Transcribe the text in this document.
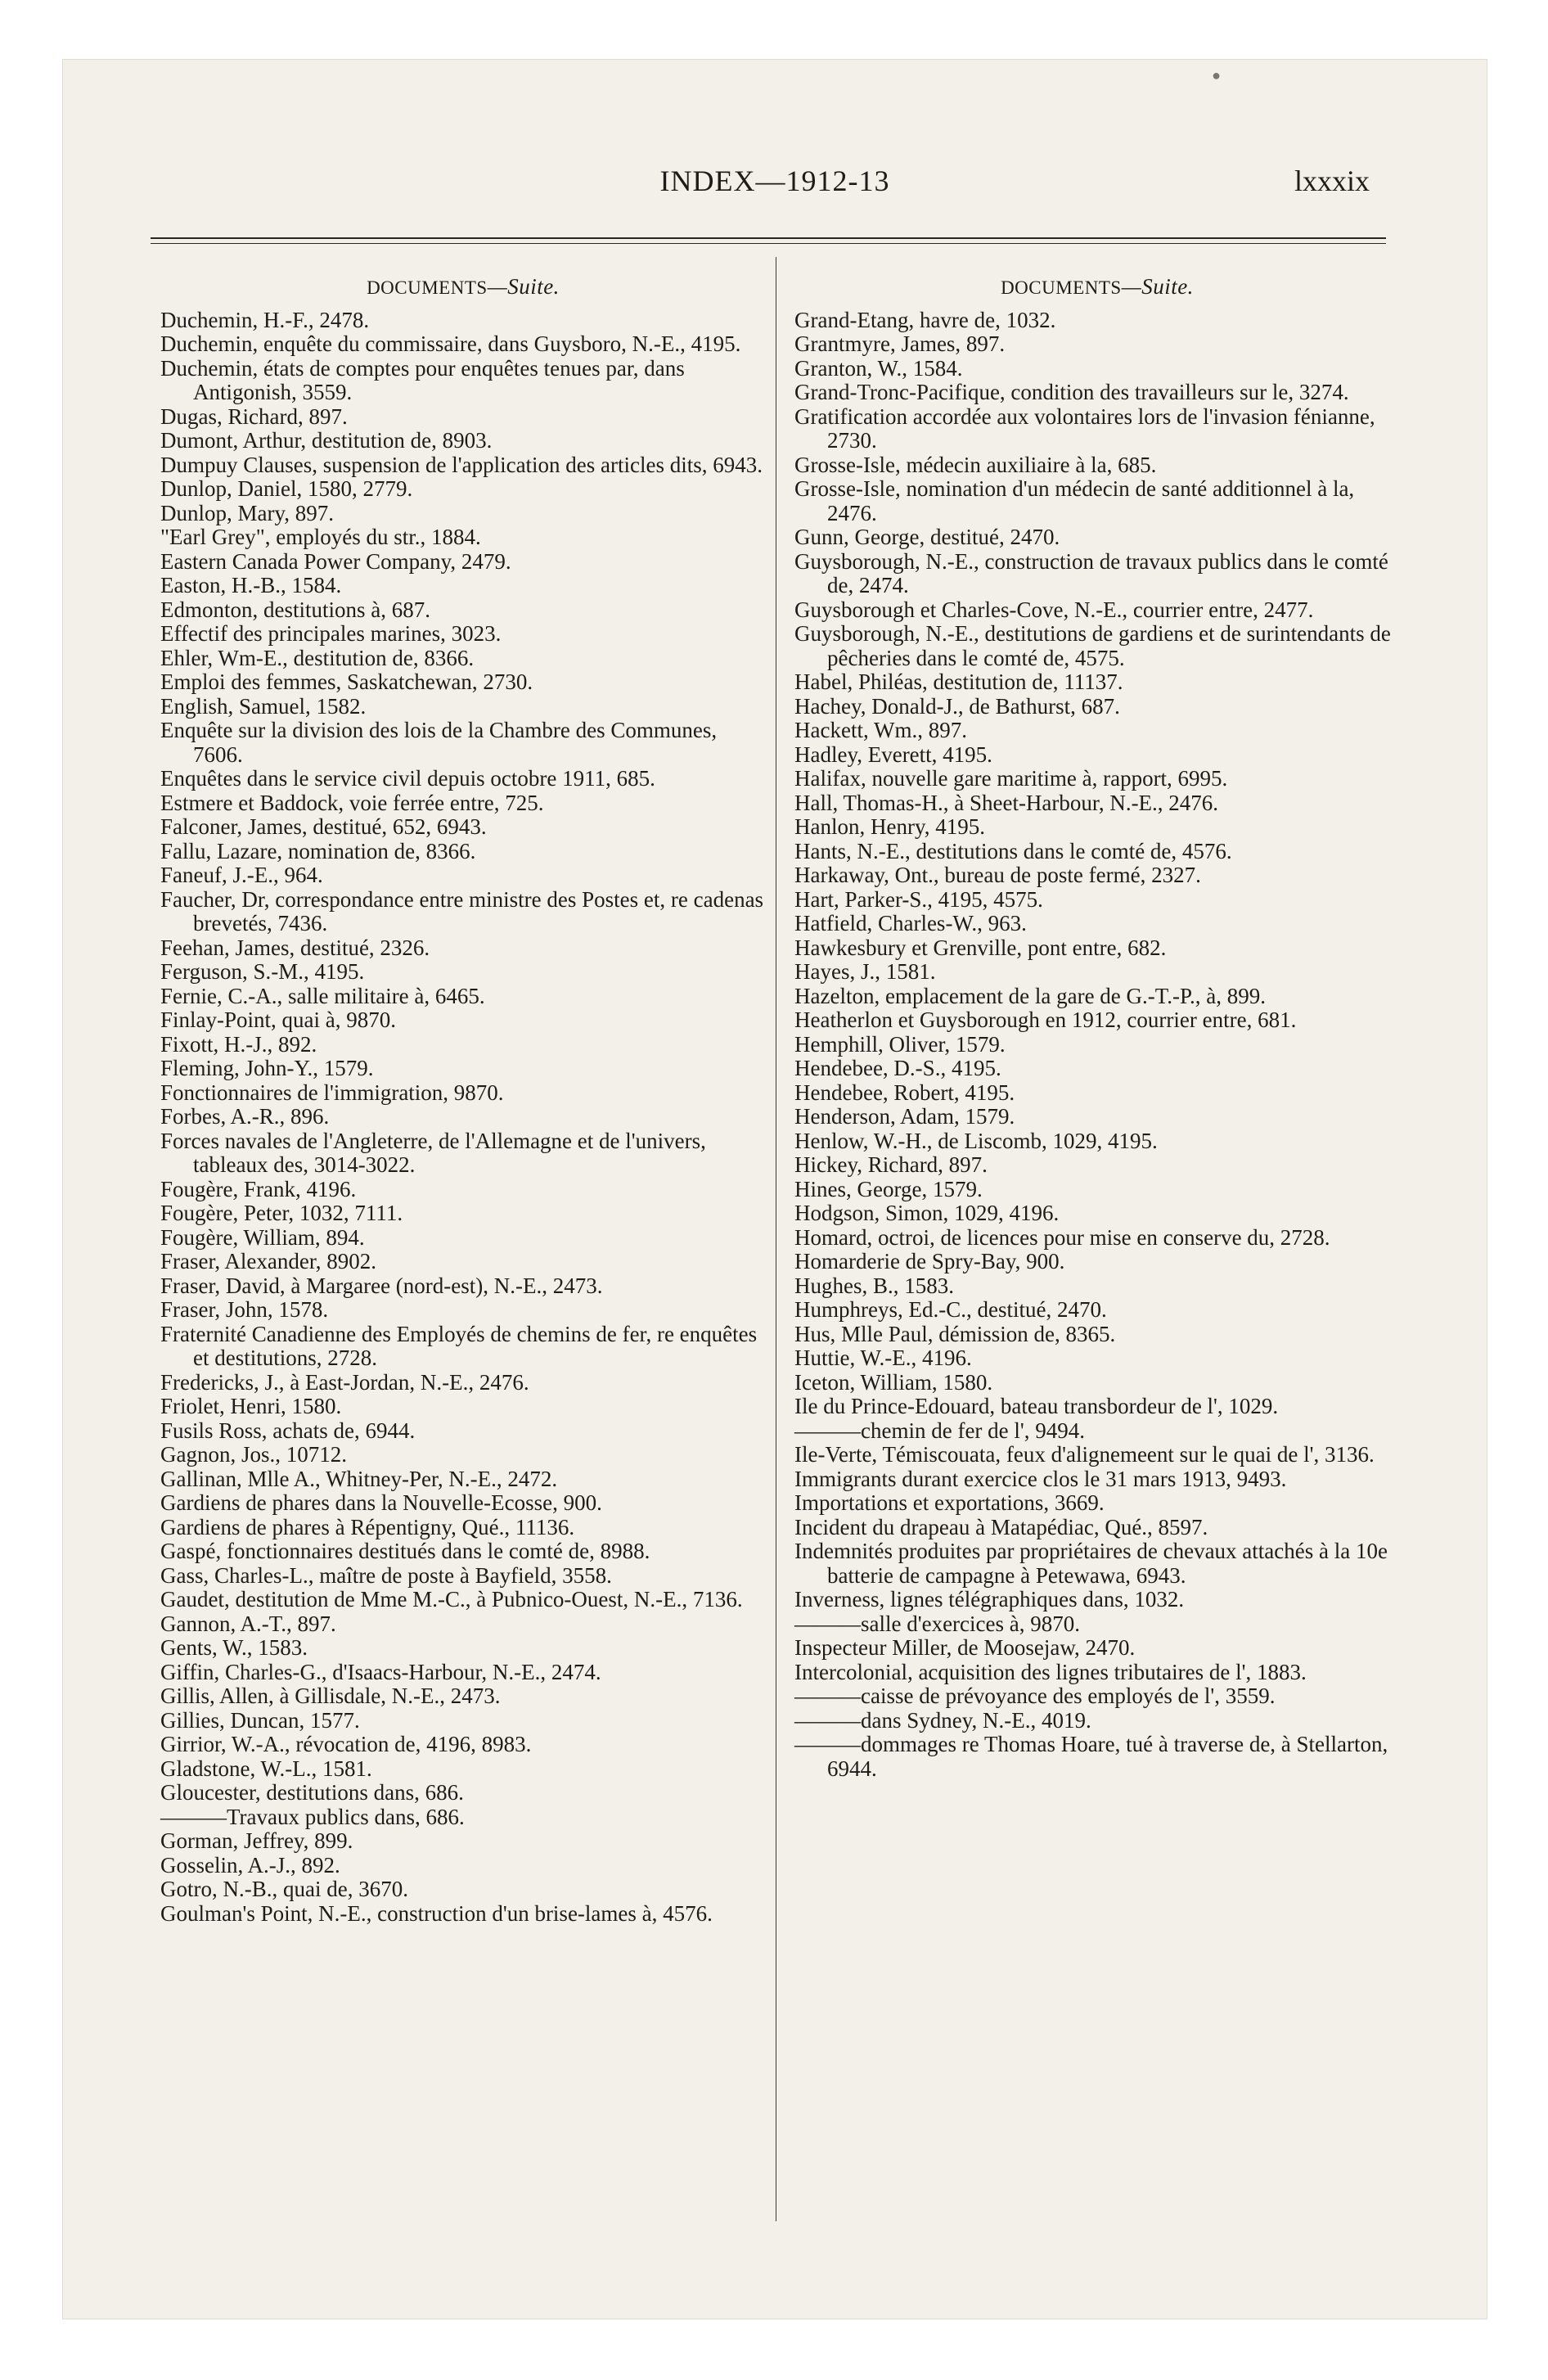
●
INDEX—1912-13	lxxxix
DOCUMENTS—Suite.
Duchemin, H.-F., 2478.
Duchemin, enquête du commissaire, dans Guysboro, N.-E., 4195.
Duchemin, états de comptes pour enquêtes tenues par, dans Antigonish, 3559.
Dugas, Richard, 897.
Dumont, Arthur, destitution de, 8903.
Dumpuy Clauses, suspension de l'application des articles dits, 6943.
Dunlop, Daniel, 1580, 2779.
Dunlop, Mary, 897.
"Earl Grey", employés du str., 1884.
Eastern Canada Power Company, 2479.
Easton, H.-B., 1584.
Edmonton, destitutions à, 687.
Effectif des principales marines, 3023.
Ehler, Wm-E., destitution de, 8366.
Emploi des femmes, Saskatchewan, 2730.
English, Samuel, 1582.
Enquête sur la division des lois de la Chambre des Communes, 7606.
Enquêtes dans le service civil depuis octobre 1911, 685.
Estmere et Baddock, voie ferrée entre, 725.
Falconer, James, destitué, 652, 6943.
Fallu, Lazare, nomination de, 8366.
Faneuf, J.-E., 964.
Faucher, Dr, correspondance entre ministre des Postes et, re cadenas brevetés, 7436.
Feehan, James, destitué, 2326.
Ferguson, S.-M., 4195.
Fernie, C.-A., salle militaire à, 6465.
Finlay-Point, quai à, 9870.
Fixott, H.-J., 892.
Fleming, John-Y., 1579.
Fonctionnaires de l'immigration, 9870.
Forbes, A.-R., 896.
Forces navales de l'Angleterre, de l'Allemagne et de l'univers, tableaux des, 3014-3022.
Fougère, Frank, 4196.
Fougère, Peter, 1032, 7111.
Fougère, William, 894.
Fraser, Alexander, 8902.
Fraser, David, à Margaree (nord-est), N.-E., 2473.
Fraser, John, 1578.
Fraternité Canadienne des Employés de chemins de fer, re enquêtes et destitutions, 2728.
Fredericks, J., à East-Jordan, N.-E., 2476.
Friolet, Henri, 1580.
Fusils Ross, achats de, 6944.
Gagnon, Jos., 10712.
Gallinan, Mlle A., Whitney-Per, N.-E., 2472.
Gardiens de phares dans la Nouvelle-Ecosse, 900.
Gardiens de phares à Répentigny, Qué., 11136.
Gaspé, fonctionnaires destitués dans le comté de, 8988.
Gass, Charles-L., maître de poste à Bayfield, 3558.
Gaudet, destitution de Mme M.-C., à Pubnico-Ouest, N.-E., 7136.
Gannon, A.-T., 897.
Gents, W., 1583.
Giffin, Charles-G., d'Isaacs-Harbour, N.-E., 2474.
Gillis, Allen, à Gillisdale, N.-E., 2473.
Gillies, Duncan, 1577.
Girrior, W.-A., révocation de, 4196, 8983.
Gladstone, W.-L., 1581.
Gloucester, destitutions dans, 686.
———Travaux publics dans, 686.
Gorman, Jeffrey, 899.
Gosselin, A.-J., 892.
Gotro, N.-B., quai de, 3670.
Goulman's Point, N.-E., construction d'un brise-lames à, 4576.
DOCUMENTS—Suite.
Grand-Etang, havre de, 1032.
Grantmyre, James, 897.
Granton, W., 1584.
Grand-Tronc-Pacifique, condition des travailleurs sur le, 3274.
Gratification accordée aux volontaires lors de l'invasion fénianne, 2730.
Grosse-Isle, médecin auxiliaire à la, 685.
Grosse-Isle, nomination d'un médecin de santé additionnel à la, 2476.
Gunn, George, destitué, 2470.
Guysborough, N.-E., construction de travaux publics dans le comté de, 2474.
Guysborough et Charles-Cove, N.-E., courrier entre, 2477.
Guysborough, N.-E., destitutions de gardiens et de surintendants de pêcheries dans le comté de, 4575.
Habel, Philéas, destitution de, 11137.
Hachey, Donald-J., de Bathurst, 687.
Hackett, Wm., 897.
Hadley, Everett, 4195.
Halifax, nouvelle gare maritime à, rapport, 6995.
Hall, Thomas-H., à Sheet-Harbour, N.-E., 2476.
Hanlon, Henry, 4195.
Hants, N.-E., destitutions dans le comté de, 4576.
Harkaway, Ont., bureau de poste fermé, 2327.
Hart, Parker-S., 4195, 4575.
Hatfield, Charles-W., 963.
Hawkesbury et Grenville, pont entre, 682.
Hayes, J., 1581.
Hazelton, emplacement de la gare de G.-T.-P., à, 899.
Heatherlon et Guysborough en 1912, courrier entre, 681.
Hemphill, Oliver, 1579.
Hendebee, D.-S., 4195.
Hendebee, Robert, 4195.
Henderson, Adam, 1579.
Henlow, W.-H., de Liscomb, 1029, 4195.
Hickey, Richard, 897.
Hines, George, 1579.
Hodgson, Simon, 1029, 4196.
Homard, octroi, de licences pour mise en conserve du, 2728.
Homarderie de Spry-Bay, 900.
Hughes, B., 1583.
Humphreys, Ed.-C., destitué, 2470.
Hus, Mlle Paul, démission de, 8365.
Huttie, W.-E., 4196.
Iceton, William, 1580.
Ile du Prince-Edouard, bateau transbordeur de l', 1029.
———chemin de fer de l', 9494.
Ile-Verte, Témiscouata, feux d'alignemeent sur le quai de l', 3136.
Immigrants durant exercice clos le 31 mars 1913, 9493.
Importations et exportations, 3669.
Incident du drapeau à Matapédiac, Qué., 8597.
Indemnités produites par propriétaires de chevaux attachés à la 10e batterie de campagne à Petewawa, 6943.
Inverness, lignes télégraphiques dans, 1032.
———salle d'exercices à, 9870.
Inspecteur Miller, de Moosejaw, 2470.
Intercolonial, acquisition des lignes tributaires de l', 1883.
———caisse de prévoyance des employés de l', 3559.
———dans Sydney, N.-E., 4019.
———dommages re Thomas Hoare, tué à traverse de, à Stellarton, 6944.
